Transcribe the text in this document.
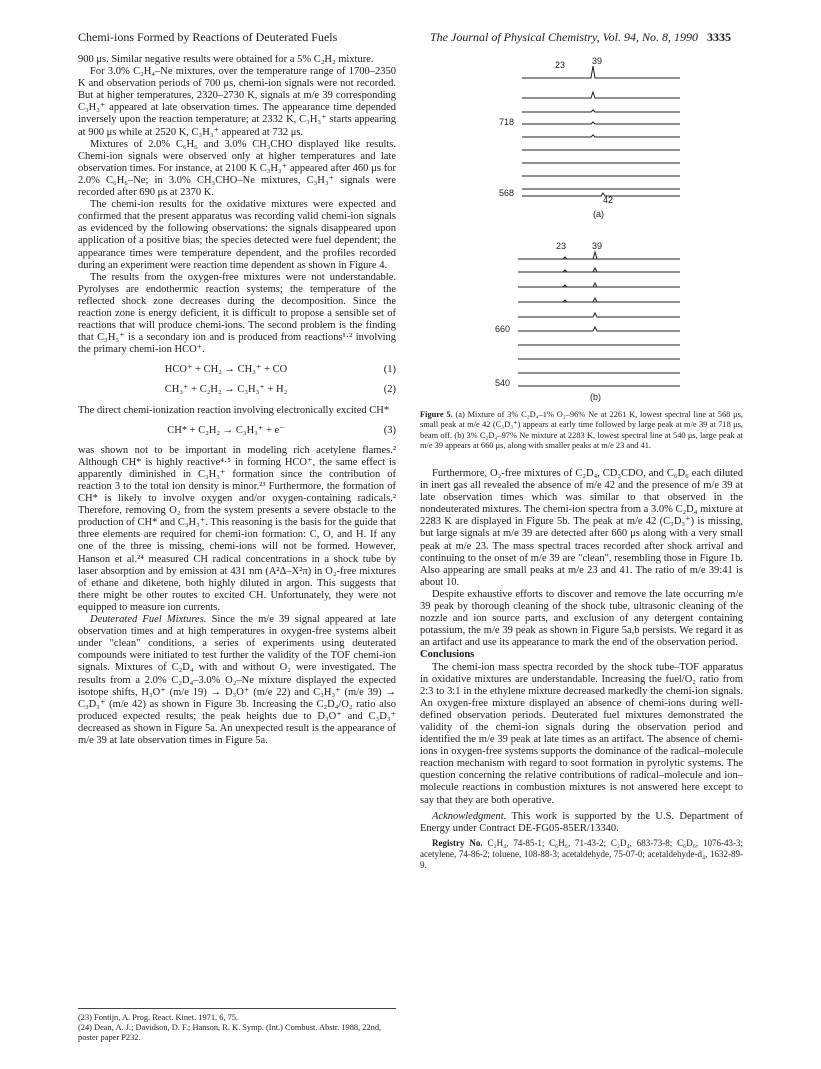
Chemi-ions Formed by Reactions of Deuterated Fuels	The Journal of Physical Chemistry, Vol. 94, No. 8, 1990 3335

900 μs. Similar negative results were obtained for a 5% C₂H₂ mixture.

For 3.0% C₂H₄–Ne mixtures, over the temperature range of 1700–2350 K and observation periods of 700 μs, chemi-ion signals were not recorded. But at higher temperatures, 2320–2730 K, signals at m/e 39 corresponding C₃H₃⁺ appeared at late observation times. The appearance time depended inversely upon the reaction temperature; at 2332 K, C₃H₃⁺ starts appearing at 900 μs while at 2520 K, C₃H₃⁺ appeared at 732 μs.

Mixtures of 2.0% C₆H₆ and 3.0% CH₃CHO displayed like results. Chemi-ion signals were observed only at higher temperatures and late observation times. For instance, at 2100 K C₃H₃⁺ appeared after 460 μs for 2.0% C₆H₆–Ne; in 3.0% CH₃CHO–Ne mixtures, C₃H₃⁺ signals were recorded after 690 μs at 2370 K.

The chemi-ion results for the oxidative mixtures were expected and confirmed that the present apparatus was recording valid chemi-ion signals as evidenced by the following observations: the signals disappeared upon application of a positive bias; the species detected were fuel dependent; the appearance times were temperature dependent, and the profiles recorded during an experiment were reaction time dependent as shown in Figure 4.

The results from the oxygen-free mixtures were not understandable. Pyrolyses are endothermic reaction systems; the temperature of the reflected shock zone decreases during the decomposition. Since the reaction zone is energy deficient, it is difficult to propose a sensible set of reactions that will produce chemi-ions. The second problem is the finding that C₃H₃⁺ is a secondary ion and is produced from reactions¹·² involving the primary chemi-ion HCO⁺.

HCO⁺ + CH₂ → CH₃⁺ + CO	(1)
CH₃⁺ + C₂H₂ → C₃H₃⁺ + H₂	(2)

The direct chemi-ionization reaction involving electronically excited CH*

CH* + C₂H₂ → C₃H₃⁺ + e⁻	(3)

was shown not to be important in modeling rich acetylene flames.² Although CH* is highly reactive⁴·⁵ in forming HCO⁺, the same effect is apparently diminished in C₃H₃⁺ formation since the contribution of reaction 3 to the total ion density is minor.²³ Furthermore, the formation of CH* is likely to involve oxygen and/or oxygen-containing radicals.² Therefore, removing O₂ from the system presents a severe obstacle to the production of CH* and C₃H₃⁺. This reasoning is the basis for the guide that three elements are required for chemi-ion formation: C, O, and H. If any one of the three is missing, chemi-ions will not be formed. However, Hanson et al.²⁴ measured CH radical concentrations in a shock tube by laser absorption and by emission at 431 nm (A²Δ–X²π) in O₂-free mixtures of ethane and diketene, both highly diluted in argon. This suggests that there might be other routes to excited CH. Unfortunately, they were not equipped to measure ion currents.

Deuterated Fuel Mixtures. Since the m/e 39 signal appeared at late observation times and at high temperatures in oxygen-free systems albeit under "clean" conditions, a series of experiments using deuterated compounds were initiated to test further the validity of the TOF chemi-ion signals. Mixtures of C₂D₄ with and without O₂ were investigated. The results from a 2.0% C₂D₄–3.0% O₂–Ne mixture displayed the expected isotope shifts, H₃O⁺ (m/e 19) → D₃O⁺ (m/e 22) and C₃H₃⁺ (m/e 39) → C₃D₃⁺ (m/e 42) as shown in Figure 3b. Increasing the C₂D₄/O₂ ratio also produced expected results; the peak heights due to D₃O⁺ and C₃D₃⁺ decreased as shown in Figure 5a. An unexpected result is the appearance of m/e 39 at late observation times in Figure 5a.

(23) Fontijn, A. Prog. React. Kinet. 1971, 6, 75.

(24) Dean, A. J.; Davidson, D. F.; Hanson, R. K. Symp. (Int.) Combust. Abstr. 1988, 22nd, poster paper P232.

23	39
718
568
42
(a)
23	39
660
540
(b)
Figure 5. (a) Mixture of 3% C₂D₄–1% O₂–96% Ne at 2261 K, lowest spectral line at 568 μs, small peak at m/e 42 (C₃D₃⁺) appears at early time followed by large peak at m/e 39 at 718 μs, beam off. (b) 3% C₂D₄–97% Ne mixture at 2283 K, lowest spectral line at 540 μs, large peak at m/e 39 appears at 660 μs, along with smaller peaks at m/e 23 and 41.

Furthermore, O₂-free mixtures of C₂D₄, CD₃CDO, and C₆D₆ each diluted in inert gas all revealed the absence of m/e 42 and the presence of m/e 39 at late observation times which was similar to that observed in the nondeuterated mixtures. The chemi-ion spectra from a 3.0% C₂D₄ mixture at 2283 K are displayed in Figure 5b. The peak at m/e 42 (C₃D₃⁺) is missing, but large signals at m/e 39 are detected after 660 μs along with a very small peak at m/e 23. The mass spectral traces recorded after shock arrival and continuing to the onset of m/e 39 are "clean", resembling those in Figure 1b. Also appearing are small peaks at m/e 23 and 41. The ratio of m/e 39:41 is about 10.

Despite exhaustive efforts to discover and remove the late occurring m/e 39 peak by thorough cleaning of the shock tube, ultrasonic cleaning of the nozzle and ion source parts, and exclusion of any detergent containing potassium, the m/e 39 peak as shown in Figure 5a,b persists. We regard it as an artifact and use its appearance to mark the end of the observation period.

Conclusions

The chemi-ion mass spectra recorded by the shock tube–TOF apparatus in oxidative mixtures are understandable. Increasing the fuel/O₂ ratio from 2:3 to 3:1 in the ethylene mixture decreased markedly the chemi-ion signals. An oxygen-free mixture displayed an absence of chemi-ions during well-defined observation periods. Deuterated fuel mixtures demonstrated the validity of the chemi-ion signals during the observation period and identified the m/e 39 peak at late times as an artifact. The absence of chemi-ions in oxygen-free systems supports the dominance of the radical–molecule reaction mechanism with regard to soot formation in pyrolytic systems. The question concerning the relative contributions of radical–molecule and ion–molecule reactions in combustion mixtures is not answered here except to say that they are both operative.

Acknowledgment. This work is supported by the U.S. Department of Energy under Contract DE-FG05-85ER/13340.

Registry No. C₂H₄, 74-85-1; C₆H₆, 71-43-2; C₂D₄, 683-73-8; C₆D₆, 1076-43-3; acetylene, 74-86-2; toluene, 108-88-3; acetaldehyde, 75-07-0; acetaldehyde-d₄, 1632-89-9.
